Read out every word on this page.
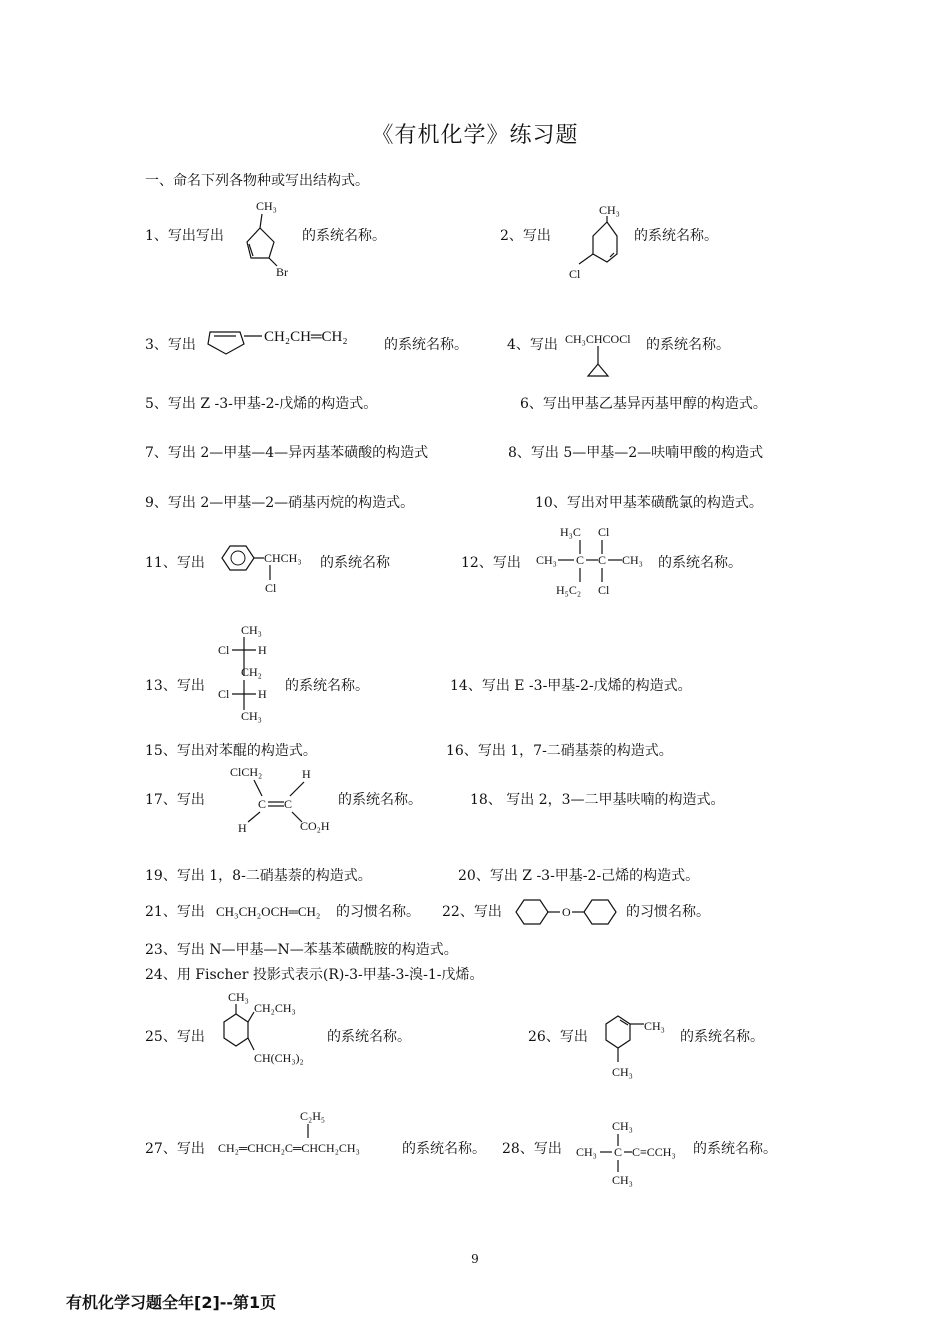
《有机化学》练习题
一、命名下列各物种或写出结构式。
1、写出写出
CH₃
Br
的系统名称。	2、写出
CH₃
Cl
的系统名称。
3、写出	CH₂CH═CH₂	的系统名称。	4、写出 CH₃CHCOCl 的系统名称。
5、写出 Z -3-甲基-2-戊烯的构造式。	6、写出甲基乙基异丙基甲醇的构造式。
7、写出 2—甲基—4—异丙基苯磺酸的构造式	8、写出 5—甲基—2—呋喃甲酸的构造式
9、写出 2—甲基—2—硝基丙烷的构造式。	10、写出对甲基苯磺酰氯的构造式。
11、写出	CHCH₃
Cl
的系统名称	12、写出
H₃C Cl
CH₃ C C CH₃
H₅C₂ Cl
的系统名称。
13、写出
CH₃
Cl H
CH₂
Cl H
CH₃
的系统名称。	14、写出 E -3-甲基-2-戊烯的构造式。
15、写出对苯醌的构造式。	16、写出 1，7-二硝基萘的构造式。
17、写出
ClCH₂	H
C C
H	CO₂H
的系统名称。	18、 写出 2，3—二甲基呋喃的构造式。
19、写出 1，8-二硝基萘的构造式。	20、写出 Z -3-甲基-2-己烯的构造式。
21、写出 CH₃CH₂OCH═CH₂ 的习惯名称。 22、写出	O	的习惯名称。
23、写出 N—甲基—N—苯基苯磺酰胺的构造式。
24、用 Fischer 投影式表示(R)-3-甲基-3-溴-1-戊烯。
25、写出
CH₃
CH₂CH₃
CH(CH₃)₂
的系统名称。	26、写出
CH₃
CH₃
的系统名称。
27、写出
C₂H₅
CH₂═CHCH₂C═CHCH₂CH₃	的系统名称。 28、写出
CH₃
CH₃ C C≡CCH₃
CH₃
的系统名称。
9
有机化学习题全年[2]--第1页
